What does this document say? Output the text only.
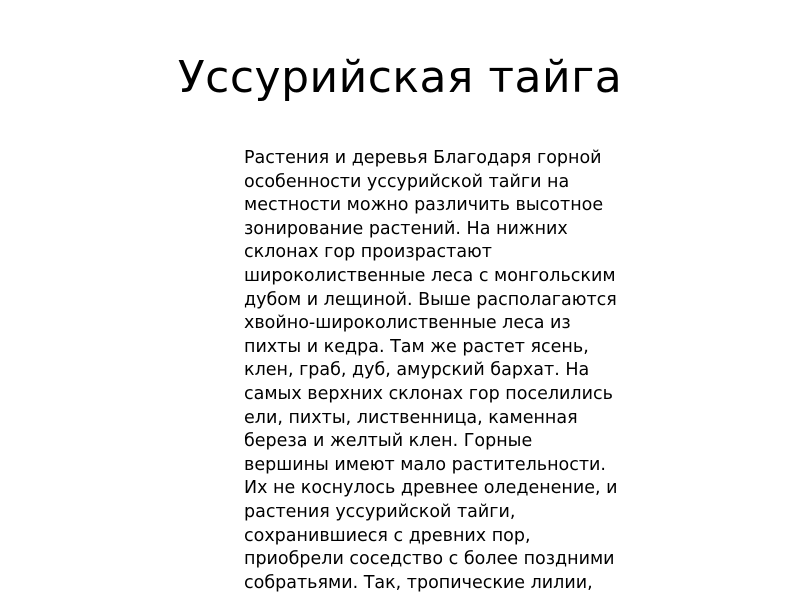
Уссурийская тайга
Растения и деревья Благодаря горной
особенности уссурийской тайги на
местности можно различить высотное
зонирование растений. На нижних
склонах гор произрастают
широколиственные леса с монгольским
дубом и лещиной. Выше располагаются
хвойно-широколиственные леса из
пихты и кедра. Там же растет ясень,
клен, граб, дуб, амурский бархат. На
самых верхних склонах гор поселились
ели, пихты, лиственница, каменная
береза и желтый клен. Горные
вершины имеют мало растительности.
Их не коснулось древнее оледенение, и
растения уссурийской тайги,
сохранившиеся с древних пор,
приобрели соседство с более поздними
собратьями. Так, тропические лилии,
